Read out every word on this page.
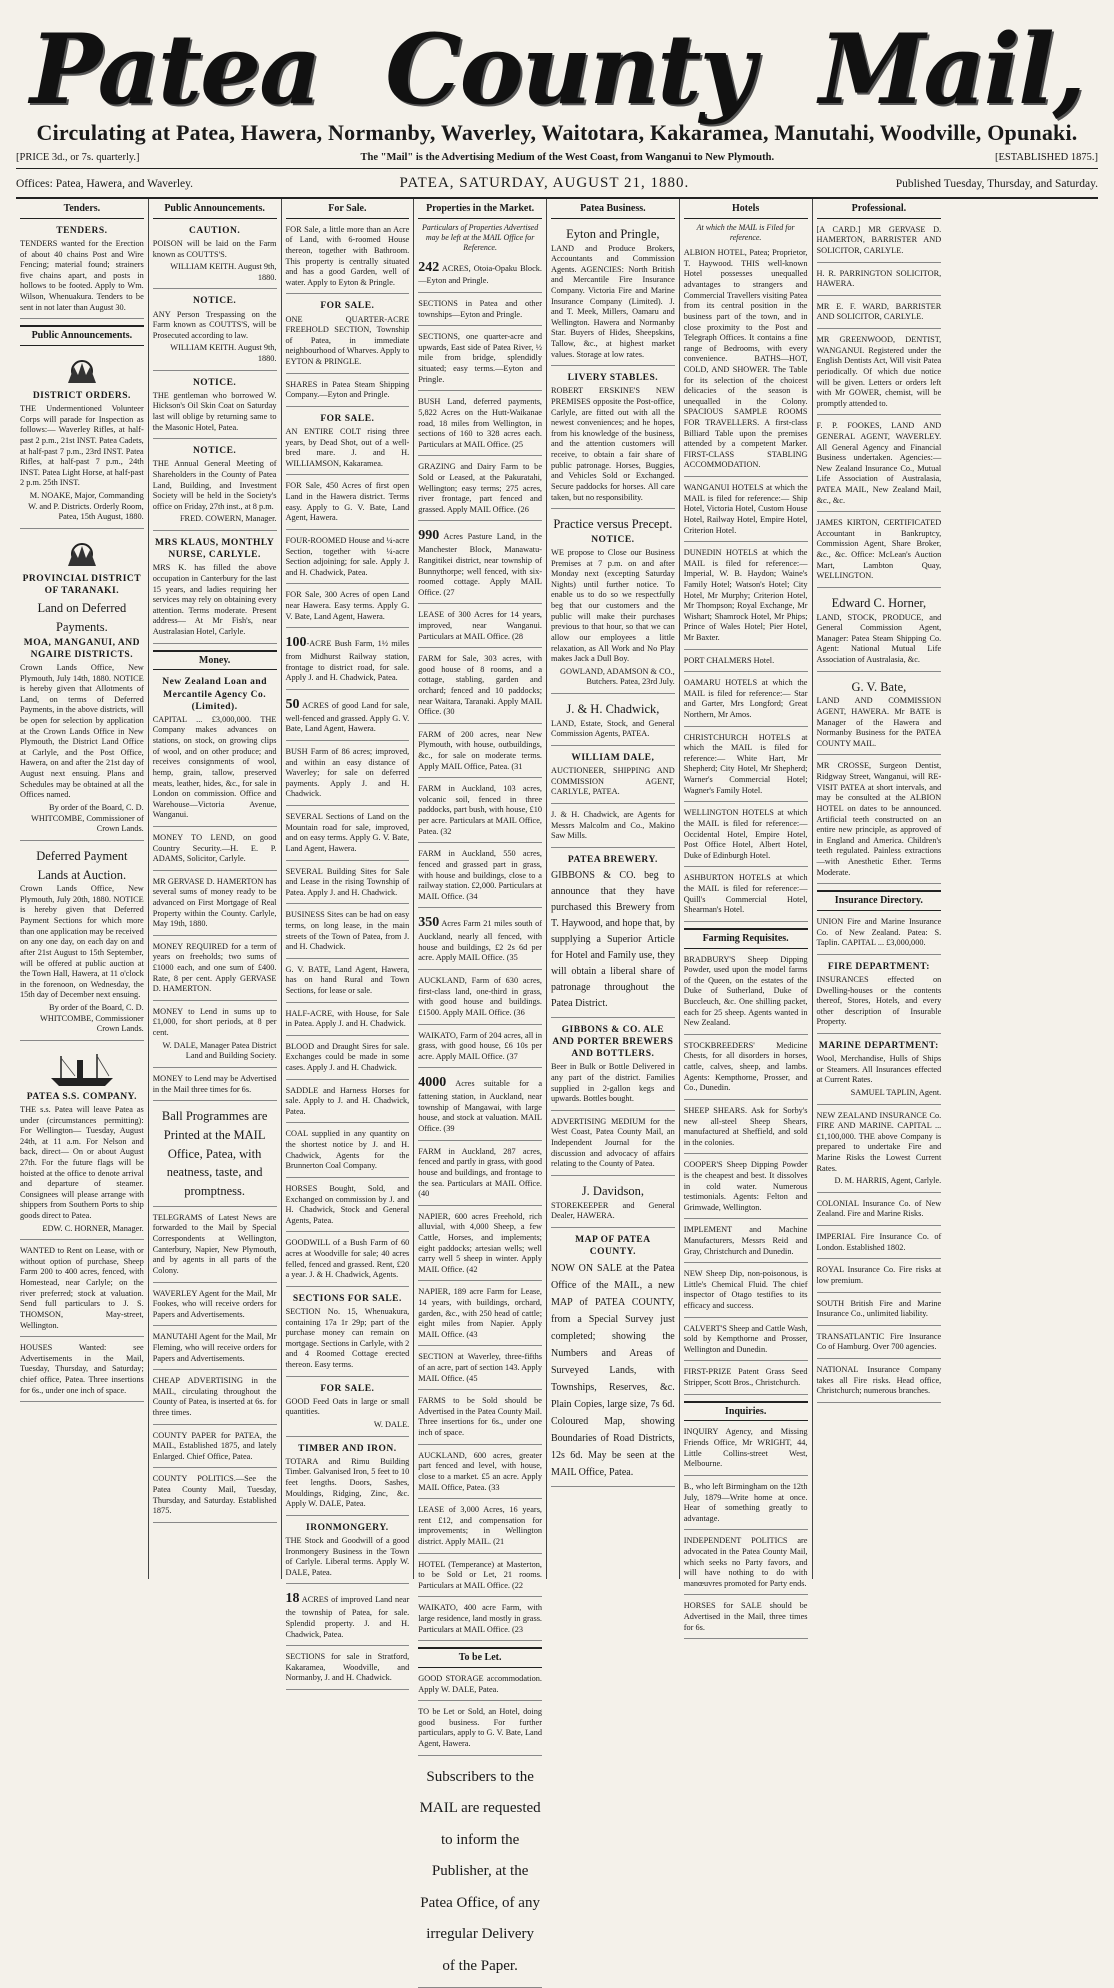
Patea County Mail,
Circulating at Patea, Hawera, Normanby, Waverley, Waitotara, Kakaramea, Manutahi, Woodville, Opunaki.
[PRICE 3d., or 7s. quarterly.]	The "Mail" is the Advertising Medium of the West Coast, from Wanganui to New Plymouth.	[ESTABLISHED 1875.]
Offices: Patea, Hawera, and Waverley.	PATEA, SATURDAY, AUGUST 21, 1880.	Published Tuesday, Thursday, and Saturday.
Tenders.
TENDERS.
TENDERS wanted for the Erection of about 40 chains Post and Wire Fencing; material found; strainers five chains apart, and posts in hollows to be footed. Apply to Wm. Wilson, Whenuakura. Tenders to be sent in not later than August 30.
Public Announcements.
DISTRICT ORDERS.
THE Undermentioned Volunteer Corps will parade for Inspection as follows:— Waverley Rifles, at half-past 2 p.m., 21st INST. Patea Cadets, at half-past 7 p.m., 23rd INST. Patea Rifles, at half-past 7 p.m., 24th INST. Patea Light Horse, at half-past 2 p.m. 25th INST.
M. NOAKE, Major, Commanding W. and P. Districts. Orderly Room, Patea, 15th August, 1880.
PROVINCIAL DISTRICT OF TARANAKI.
Land on Deferred Payments.
MOA, MANGANUI, AND NGAIRE DISTRICTS.
Crown Lands Office, New Plymouth, July 14th, 1880. NOTICE is hereby given that Allotments of Land, on terms of Deferred Payments, in the above districts, will be open for selection by application at the Crown Lands Office in New Plymouth, the District Land Office at Carlyle, and the Post Office, Hawera, on and after the 21st day of August next ensuing. Plans and Schedules may be obtained at all the Offices named.
By order of the Board, C. D. WHITCOMBE, Commissioner of Crown Lands.
Deferred Payment Lands at Auction.
Crown Lands Office, New Plymouth, July 20th, 1880. NOTICE is hereby given that Deferred Payment Sections for which more than one application may be received on any one day, on each day on and after 21st August to 15th September, will be offered at public auction at the Town Hall, Hawera, at 11 o'clock in the forenoon, on Wednesday, the 15th day of December next ensuing.
By order of the Board, C. D. WHITCOMBE, Commissioner Crown Lands.
PATEA S.S. COMPANY.
THE s.s. Patea will leave Patea as under (circumstances permitting): For Wellington— Tuesday, August 24th, at 11 a.m. For Nelson and back, direct— On or about August 27th. For the future flags will be hoisted at the office to denote arrival and departure of steamer. Consignees will please arrange with shippers from Southern Ports to ship goods direct to Patea.
EDW. C. HORNER, Manager.
WANTED to Rent on Lease, with or without option of purchase, Sheep Farm 200 to 400 acres, fenced, with Homestead, near Carlyle; on the river preferred; stock at valuation. Send full particulars to J. S. THOMSON, May-street, Wellington.
HOUSES Wanted: see Advertisements in the Mail, Tuesday, Thursday, and Saturday; chief office, Patea. Three insertions for 6s., under one inch of space.
Public Announcements.
CAUTION.
POISON will be laid on the Farm known as COUTTS'S.
WILLIAM KEITH. August 9th, 1880.
NOTICE.
ANY Person Trespassing on the Farm known as COUTTS'S, will be Prosecuted according to law.
WILLIAM KEITH. August 9th, 1880.
NOTICE.
THE gentleman who borrowed W. Hickson's Oil Skin Coat on Saturday last will oblige by returning same to the Masonic Hotel, Patea.
NOTICE.
THE Annual General Meeting of Shareholders in the County of Patea Land, Building, and Investment Society will be held in the Society's office on Friday, 27th inst., at 8 p.m.
FRED. COWERN, Manager.
MRS KLAUS, MONTHLY NURSE, CARLYLE.
MRS K. has filled the above occupation in Canterbury for the last 15 years, and ladies requiring her services may rely on obtaining every attention. Terms moderate. Present address— At Mr Fish's, near Australasian Hotel, Carlyle.
Money.
New Zealand Loan and Mercantile Agency Co. (Limited).
CAPITAL ... £3,000,000. THE Company makes advances on stations, on stock, on growing clips of wool, and on other produce; and receives consignments of wool, hemp, grain, tallow, preserved meats, leather, hides, &c., for sale in London on commission. Office and Warehouse—Victoria Avenue, Wanganui.
MONEY TO LEND, on good Country Security.—H. E. P. ADAMS, Solicitor, Carlyle.
MR GERVASE D. HAMERTON has several sums of money ready to be advanced on First Mortgage of Real Property within the County. Carlyle, May 19th, 1880.
MONEY REQUIRED for a term of years on freeholds; two sums of £1000 each, and one sum of £400. Rate, 8 per cent. Apply GERVASE D. HAMERTON.
MONEY to Lend in sums up to £1,000, for short periods, at 8 per cent.
W. DALE, Manager Patea District Land and Building Society.
MONEY to Lend may be Advertised in the Mail three times for 6s.
Ball Programmes are Printed at the MAIL Office, Patea, with neatness, taste, and promptness.
TELEGRAMS of Latest News are forwarded to the Mail by Special Correspondents at Wellington, Canterbury, Napier, New Plymouth, and by agents in all parts of the Colony.
WAVERLEY Agent for the Mail, Mr Fookes, who will receive orders for Papers and Advertisements.
MANUTAHI Agent for the Mail, Mr Fleming, who will receive orders for Papers and Advertisements.
CHEAP ADVERTISING in the MAIL, circulating throughout the County of Patea, is inserted at 6s. for three times.
COUNTY PAPER for PATEA, the MAIL, Established 1875, and lately Enlarged. Chief Office, Patea.
COUNTY POLITICS.—See the Patea County Mail, Tuesday, Thursday, and Saturday. Established 1875.
For Sale.
FOR Sale, a little more than an Acre of Land, with 6-roomed House thereon, together with Bathroom. This property is centrally situated and has a good Garden, well of water. Apply to Eyton & Pringle.
FOR SALE.
ONE QUARTER-ACRE FREEHOLD SECTION, Township of Patea, in immediate neighbourhood of Wharves. Apply to EYTON & PRINGLE.
SHARES in Patea Steam Shipping Company.—Eyton and Pringle.
FOR SALE.
AN ENTIRE COLT rising three years, by Dead Shot, out of a well-bred mare. J. and H. WILLIAMSON, Kakaramea.
FOR Sale, 450 Acres of first open Land in the Hawera district. Terms easy. Apply to G. V. Bate, Land Agent, Hawera.
FOUR-ROOMED House and ¼-acre Section, together with ¼-acre Section adjoining; for sale. Apply J. and H. Chadwick, Patea.
FOR Sale, 300 Acres of open Land near Hawera. Easy terms. Apply G. V. Bate, Land Agent, Hawera.
100-ACRE Bush Farm, 1½ miles from Midhurst Railway station, frontage to district road, for sale. Apply J. and H. Chadwick, Patea.
50 ACRES of good Land for sale, well-fenced and grassed. Apply G. V. Bate, Land Agent, Hawera.
BUSH Farm of 86 acres; improved, and within an easy distance of Waverley; for sale on deferred payments. Apply J. and H. Chadwick.
SEVERAL Sections of Land on the Mountain road for sale, improved, and on easy terms. Apply G. V. Bate, Land Agent, Hawera.
SEVERAL Building Sites for Sale and Lease in the rising Township of Patea. Apply J. and H. Chadwick.
BUSINESS Sites can be had on easy terms, on long lease, in the main streets of the Town of Patea, from J. and H. Chadwick.
G. V. BATE, Land Agent, Hawera, has on hand Rural and Town Sections, for lease or sale.
HALF-ACRE, with House, for Sale in Patea. Apply J. and H. Chadwick.
BLOOD and Draught Sires for sale. Exchanges could be made in some cases. Apply J. and H. Chadwick.
SADDLE and Harness Horses for sale. Apply to J. and H. Chadwick, Patea.
COAL supplied in any quantity on the shortest notice by J. and H. Chadwick, Agents for the Brunnerton Coal Company.
HORSES Bought, Sold, and Exchanged on commission by J. and H. Chadwick, Stock and General Agents, Patea.
GOODWILL of a Bush Farm of 60 acres at Woodville for sale; 40 acres felled, fenced and grassed. Rent, £20 a year. J. & H. Chadwick, Agents.
SECTIONS FOR SALE.
SECTION No. 15, Whenuakura, containing 17a 1r 29p; part of the purchase money can remain on mortgage. Sections in Carlyle, with 2 and 4 Roomed Cottage erected thereon. Easy terms.
FOR SALE.
GOOD Feed Oats in large or small quantities.
W. DALE.
TIMBER AND IRON.
TOTARA and Rimu Building Timber. Galvanised Iron, 5 feet to 10 feet lengths. Doors, Sashes, Mouldings, Ridging, Zinc, &c. Apply W. DALE, Patea.
IRONMONGERY.
THE Stock and Goodwill of a good Ironmongery Business in the Town of Carlyle. Liberal terms. Apply W. DALE, Patea.
18 ACRES of improved Land near the township of Patea, for sale. Splendid property. J. and H. Chadwick, Patea.
SECTIONS for sale in Stratford, Kakaramea, Woodville, and Normanby, J. and H. Chadwick.
Properties in the Market.
Particulars of Properties Advertised may be left at the MAIL Office for Reference.
242 ACRES, Otoia-Opaku Block.—Eyton and Pringle.
SECTIONS in Patea and other townships—Eyton and Pringle.
SECTIONS, one quarter-acre and upwards, East side of Patea River, ½ mile from bridge, splendidly situated; easy terms.—Eyton and Pringle.
BUSH Land, deferred payments, 5,822 Acres on the Hutt-Waikanae road, 18 miles from Wellington, in sections of 160 to 328 acres each. Particulars at MAIL Office. (25
GRAZING and Dairy Farm to be Sold or Leased, at the Pakuratahi, Wellington; easy terms; 275 acres, river frontage, part fenced and grassed. Apply MAIL Office. (26
990 Acres Pasture Land, in the Manchester Block, Manawatu-Rangitikei district, near township of Bunnythorpe; well fenced, with six-roomed cottage. Apply MAIL Office. (27
LEASE of 300 Acres for 14 years, improved, near Wanganui. Particulars at MAIL Office. (28
FARM for Sale, 303 acres, with good house of 8 rooms, and a cottage, stabling, garden and orchard; fenced and 10 paddocks; near Waitara, Taranaki. Apply MAIL Office. (30
FARM of 200 acres, near New Plymouth, with house, outbuildings, &c., for sale on moderate terms. Apply MAIL Office, Patea. (31
FARM in Auckland, 103 acres, volcanic soil, fenced in three paddocks, part bush, with house, £10 per acre. Particulars at MAIL Office, Patea. (32
FARM in Auckland, 550 acres, fenced and grassed part in grass, with house and buildings, close to a railway station. £2,000. Particulars at MAIL Office. (34
350 Acres Farm 21 miles south of Auckland, nearly all fenced, with house and buildings, £2 2s 6d per acre. Apply MAIL Office. (35
AUCKLAND, Farm of 630 acres, first-class land, one-third in grass, with good house and buildings. £1500. Apply MAIL Office. (36
WAIKATO, Farm of 204 acres, all in grass, with good house, £6 10s per acre. Apply MAIL Office. (37
4000 Acres suitable for a fattening station, in Auckland, near township of Mangawai, with large house, and stock at valuation. MAIL Office. (39
FARM in Auckland, 287 acres, fenced and partly in grass, with good house and buildings, and frontage to the sea. Particulars at MAIL Office. (40
NAPIER, 600 acres Freehold, rich alluvial, with 4,000 Sheep, a few Cattle, Horses, and implements; eight paddocks; artesian wells; well carry well 5 sheep in winter. Apply MAIL Office. (42
NAPIER, 189 acre Farm for Lease, 14 years, with buildings, orchard, garden, &c., with 250 head of cattle; eight miles from Napier. Apply MAIL Office. (43
SECTION at Waverley, three-fifths of an acre, part of section 143. Apply MAIL Office. (45
FARMS to be Sold should be Advertised in the Patea County Mail. Three insertions for 6s., under one inch of space.
AUCKLAND, 600 acres, greater part fenced and level, with house, close to a market. £5 an acre. Apply MAIL Office, Patea. (33
LEASE of 3,000 Acres, 16 years, rent £12, and compensation for improvements; in Wellington district. Apply MAIL. (21
HOTEL (Temperance) at Masterton, to be Sold or Let, 21 rooms. Particulars at MAIL Office. (22
WAIKATO, 400 acre Farm, with large residence, land mostly in grass. Particulars at MAIL Office. (23
To be Let.
GOOD STORAGE accommodation. Apply W. DALE, Patea.
TO be Let or Sold, an Hotel, doing good business. For further particulars, apply to G. V. Bate, Land Agent, Hawera.
Subscribers to the MAIL are requested to inform the Publisher, at the Patea Office, of any irregular Delivery of the Paper.
Patea Business.
Eyton and Pringle,
LAND and Produce Brokers, Accountants and Commission Agents. AGENCIES: North British and Mercantile Fire Insurance Company. Victoria Fire and Marine Insurance Company (Limited). J. and T. Meek, Millers, Oamaru and Wellington. Hawera and Normanby Star. Buyers of Hides, Sheepskins, Tallow, &c., at highest market values. Storage at low rates.
LIVERY STABLES.
ROBERT ERSKINE'S NEW PREMISES opposite the Post-office, Carlyle, are fitted out with all the newest conveniences; and he hopes, from his knowledge of the business, and the attention customers will receive, to obtain a fair share of public patronage. Horses, Buggies, and Vehicles Sold or Exchanged. Secure paddocks for horses. All care taken, but no responsibility.
Practice versus Precept.
NOTICE.
WE propose to Close our Business Premises at 7 p.m. on and after Monday next (excepting Saturday Nights) until further notice. To enable us to do so we respectfully beg that our customers and the public will make their purchases previous to that hour, so that we can allow our employees a little relaxation, as All Work and No Play makes Jack a Dull Boy.
GOWLAND, ADAMSON & CO., Butchers. Patea, 23rd July.
J. & H. Chadwick,
LAND, Estate, Stock, and General Commission Agents, PATEA.
WILLIAM DALE,
AUCTIONEER, SHIPPING AND COMMISSION AGENT, CARLYLE, PATEA.
J. & H. Chadwick, are Agents for Messrs Malcolm and Co., Makino Saw Mills.
PATEA BREWERY.
GIBBONS & CO. beg to announce that they have purchased this Brewery from T. Haywood, and hope that, by supplying a Superior Article for Hotel and Family use, they will obtain a liberal share of patronage throughout the Patea District.
GIBBONS & CO. ALE AND PORTER BREWERS AND BOTTLERS.
Beer in Bulk or Bottle Delivered in any part of the district. Families supplied in 2-gallon kegs and upwards. Bottles bought.
ADVERTISING MEDIUM for the West Coast, Patea County Mail, an Independent Journal for the discussion and advocacy of affairs relating to the County of Patea.
J. Davidson,
STOREKEEPER and General Dealer, HAWERA.
MAP OF PATEA COUNTY.
NOW ON SALE at the Patea Office of the MAIL, a new MAP of PATEA COUNTY, from a Special Survey just completed; showing the Numbers and Areas of Surveyed Lands, with Townships, Reserves, &c. Plain Copies, large size, 7s 6d. Coloured Map, showing Boundaries of Road Districts, 12s 6d. May be seen at the MAIL Office, Patea.
Hotels
At which the MAIL is Filed for reference.
ALBION HOTEL, Patea; Proprietor, T. Haywood. THIS well-known Hotel possesses unequalled advantages to strangers and Commercial Travellers visiting Patea from its central position in the business part of the town, and in close proximity to the Post and Telegraph Offices. It contains a fine range of Bedrooms, with every convenience. BATHS—HOT, COLD, AND SHOWER. The Table for its selection of the choicest delicacies of the season is unequalled in the Colony. SPACIOUS SAMPLE ROOMS FOR TRAVELLERS. A first-class Billiard Table upon the premises attended by a competent Marker. FIRST-CLASS STABLING ACCOMMODATION.
WANGANUI HOTELS at which the MAIL is filed for reference:— Ship Hotel, Victoria Hotel, Custom House Hotel, Railway Hotel, Empire Hotel, Criterion Hotel.
DUNEDIN HOTELS at which the MAIL is filed for reference:— Imperial, W. B. Haydon; Waine's Family Hotel; Watson's Hotel; City Hotel, Mr Murphy; Criterion Hotel, Mr Thompson; Royal Exchange, Mr Wishart; Shamrock Hotel, Mr Phips; Prince of Wales Hotel; Pier Hotel, Mr Baxter.
PORT CHALMERS Hotel.
OAMARU HOTELS at which the MAIL is filed for reference:— Star and Garter, Mrs Longford; Great Northern, Mr Amos.
CHRISTCHURCH HOTELS at which the MAIL is filed for reference:— White Hart, Mr Shepherd; City Hotel, Mr Shepherd; Warner's Commercial Hotel; Wagner's Family Hotel.
WELLINGTON HOTELS at which the MAIL is filed for reference:— Occidental Hotel, Empire Hotel, Post Office Hotel, Albert Hotel, Duke of Edinburgh Hotel.
ASHBURTON HOTELS at which the MAIL is filed for reference:— Quill's Commercial Hotel, Shearman's Hotel.
Farming Requisites.
BRADBURY'S Sheep Dipping Powder, used upon the model farms of the Queen, on the estates of the Duke of Sutherland, Duke of Buccleuch, &c. One shilling packet, each for 25 sheep. Agents wanted in New Zealand.
STOCKBREEDERS' Medicine Chests, for all disorders in horses, cattle, calves, sheep, and lambs. Agents: Kempthorne, Prosser, and Co., Dunedin.
SHEEP SHEARS. Ask for Sorby's new all-steel Sheep Shears, manufactured at Sheffield, and sold in the colonies.
COOPER'S Sheep Dipping Powder is the cheapest and best. It dissolves in cold water. Numerous testimonials. Agents: Felton and Grimwade, Wellington.
IMPLEMENT and Machine Manufacturers, Messrs Reid and Gray, Christchurch and Dunedin.
NEW Sheep Dip, non-poisonous, is Little's Chemical Fluid. The chief inspector of Otago testifies to its efficacy and success.
CALVERT'S Sheep and Cattle Wash, sold by Kempthorne and Prosser, Wellington and Dunedin.
FIRST-PRIZE Patent Grass Seed Stripper, Scott Bros., Christchurch.
Inquiries.
INQUIRY Agency, and Missing Friends Office, Mr WRIGHT, 44, Little Collins-street West, Melbourne.
B., who left Birmingham on the 12th July, 1879—Write home at once. Hear of something greatly to advantage.
INDEPENDENT POLITICS are advocated in the Patea County Mail, which seeks no Party favors, and will have nothing to do with manœuvres promoted for Party ends.
HORSES for SALE should be Advertised in the Mail, three times for 6s.
Professional.
[A CARD.] MR GERVASE D. HAMERTON, BARRISTER AND SOLICITOR, CARLYLE.
H. R. PARRINGTON SOLICITOR, HAWERA.
MR E. F. WARD, BARRISTER AND SOLICITOR, CARLYLE.
MR GREENWOOD, DENTIST, WANGANUI. Registered under the English Dentists Act, Will visit Patea periodically. Of which due notice will be given. Letters or orders left with Mr GOWER, chemist, will be promptly attended to.
F. P. FOOKES, LAND AND GENERAL AGENT, WAVERLEY. All General Agency and Financial Business undertaken. Agencies:—New Zealand Insurance Co., Mutual Life Association of Australasia, PATEA MAIL, New Zealand Mail, &c., &c.
JAMES KIRTON, CERTIFICATED Accountant in Bankruptcy, Commission Agent, Share Broker, &c., &c. Office: McLean's Auction Mart, Lambton Quay, WELLINGTON.
Edward C. Horner,
LAND, STOCK, PRODUCE, and General Commission Agent, Manager: Patea Steam Shipping Co. Agent: National Mutual Life Association of Australasia, &c.
G. V. Bate,
LAND AND COMMISSION AGENT, HAWERA. Mr BATE is Manager of the Hawera and Normanby Business for the PATEA COUNTY MAIL.
MR CROSSE, Surgeon Dentist, Ridgway Street, Wanganui, will RE-VISIT PATEA at short intervals, and may be consulted at the ALBION HOTEL on dates to be announced. Artificial teeth constructed on an entire new principle, as approved of in England and America. Children's teeth regulated. Painless extractions—with Anesthetic Ether. Terms Moderate.
Insurance Directory.
UNION Fire and Marine Insurance Co. of New Zealand. Patea: S. Taplin. CAPITAL ... £3,000,000.
FIRE DEPARTMENT:
INSURANCES effected on Dwelling-houses or the contents thereof, Stores, Hotels, and every other description of Insurable Property.
MARINE DEPARTMENT:
Wool, Merchandise, Hulls of Ships or Steamers. All Insurances effected at Current Rates.
SAMUEL TAPLIN, Agent.
NEW ZEALAND INSURANCE Co. FIRE AND MARINE. CAPITAL ... £1,100,000. THE above Company is prepared to undertake Fire and Marine Risks the Lowest Current Rates.
D. M. HARRIS, Agent, Carlyle.
COLONIAL Insurance Co. of New Zealand. Fire and Marine Risks.
IMPERIAL Fire Insurance Co. of London. Established 1802.
ROYAL Insurance Co. Fire risks at low premium.
SOUTH British Fire and Marine Insurance Co., unlimited liability.
TRANSATLANTIC Fire Insurance Co of Hamburg. Over 700 agencies.
NATIONAL Insurance Company takes all Fire risks. Head office, Christchurch; numerous branches.
